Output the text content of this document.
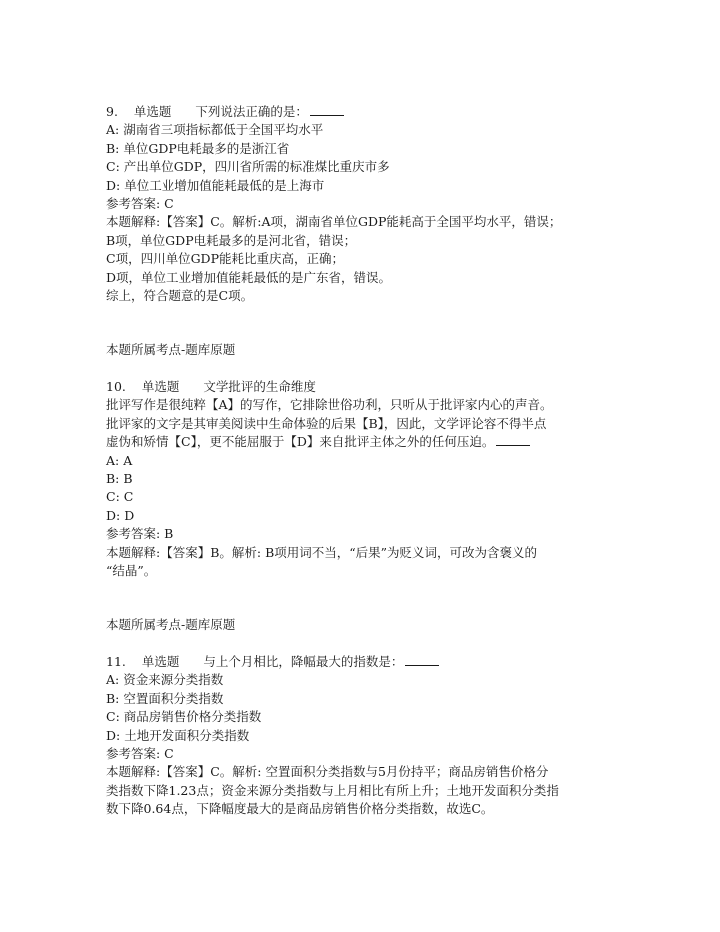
9. 单选题 下列说法正确的是：
A: 湖南省三项指标都低于全国平均水平
B: 单位GDP电耗最多的是浙江省
C: 产出单位GDP，四川省所需的标准煤比重庆市多
D: 单位工业增加值能耗最低的是上海市
参考答案: C
本题解释:【答案】C。解析:A项，湖南省单位GDP能耗高于全国平均水平，错误；
B项，单位GDP电耗最多的是河北省，错误；
C项，四川单位GDP能耗比重庆高，正确；
D项，单位工业增加值能耗最低的是广东省，错误。
综上，符合题意的是C项。
本题所属考点-题库原题
10. 单选题 文学批评的生命维度
批评写作是很纯粹【A】的写作，它排除世俗功利，只听从于批评家内心的声音。
批评家的文字是其审美阅读中生命体验的后果【B】，因此，文学评论容不得半点
虚伪和矫情【C】，更不能屈服于【D】来自批评主体之外的任何压迫。
A: A
B: B
C: C
D: D
参考答案: B
本题解释:【答案】B。解析: B项用词不当，“后果”为贬义词，可改为含褒义的
“结晶”。
本题所属考点-题库原题
11. 单选题 与上个月相比，降幅最大的指数是：
A: 资金来源分类指数
B: 空置面积分类指数
C: 商品房销售价格分类指数
D: 土地开发面积分类指数
参考答案: C
本题解释:【答案】C。解析: 空置面积分类指数与5月份持平；商品房销售价格分
类指数下降1.23点；资金来源分类指数与上月相比有所上升；土地开发面积分类指
数下降0.64点，下降幅度最大的是商品房销售价格分类指数，故选C。
